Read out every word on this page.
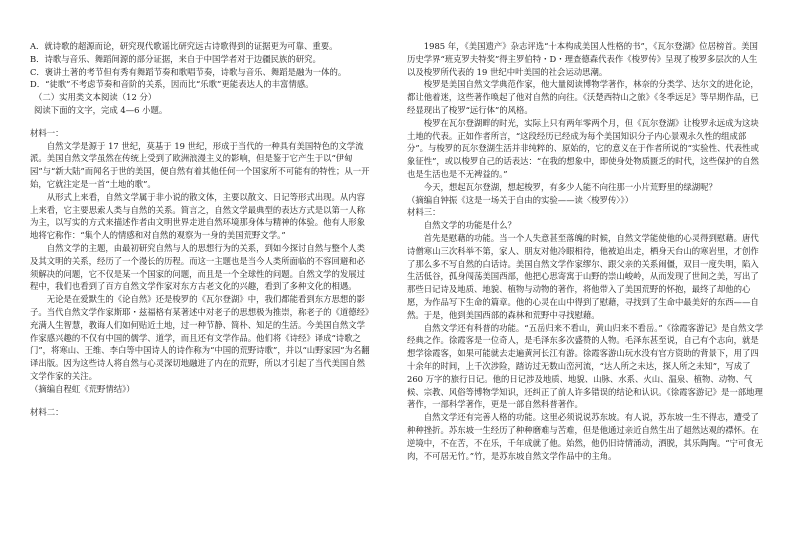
A．就诗歌的超源而论，研究现代歌谣比研究远古诗歌得到的证据更为可靠、重要。

B．诗歌与音乐、舞蹈间源的部分证据，来自于中国学者对于边疆民族的研究。

C．褒讲土著的考节但有秀有舞蹈节奏和歌唱节奏，诗歌与音乐、舞蹈是融为一体的。

D．“徒歌”不考虑节奏和音阶的关系，因而比“乐歌”更能表达人的丰富情感。

（二）实用类文本阅读（12 分）

阅读下面的文字，完成 4—6 小题。

材料一：

自然文学是源于 17 世纪，莫基于 19 世纪，形成于当代的一种具有美国特色的文学流派。美国自然文学虽然在传统上受到了欧洲浪漫主义的影响，但是鉴于它产生于以“伊甸园”与“新大陆”而闻名于世的美国，便自然有着其他任何一个国家所不可能有的特性；从一开始，它就注定是一首“土地的歌”。

从形式上来看，自然文学属于非小说的散文体，主要以散文、日记等形式出现。从内容上来看，它主要思索人类与自然的关系。简言之，自然文学最典型的表达方式是以第一人称为主，以写实的方式来描述作者由文明世界走进自然环境那身体与精神的体验。他有人形象地将它称作：“集个人的情感和对自然的观察为一身的美国荒野文学。”

自然文学的主题，由最初研究自然与人的思想行为的关系，到如今探讨自然与整个人类及其文明的关系，经历了一个漫长的历程。而这一主题也是当今人类所面临的不容回避和必须解决的问题，它不仅是某一个国家的问题，而且是一个全球性的问题。自然文学的发展过程中，我们也看到了百方自然文学作家对东方古老文化的兴趣，看到了多种文化的相遇。

无论是在爱默生的《论自然》还是梭罗的《瓦尔登湖》中，我们都能看到东方思想的影子。当代自然文学作家斯耶・兹福格有某著述中对老子的思想极为推崇，称老子的《道德经》充满人生智慧，教诲人们如何贴近土地，过一种节静、简朴、知足的生活。今美国自然文学作家感兴趣的不仅有中国的儒学、道学，而且还有文学作品。他们将《诗经》译成“诗歌之门”，将寒山、王维、李白等中国诗人的诗作称为“中国的荒野诗歌”，并以“山野家园”为名翻译出版。因为这些诗人将自然与心灵深切地融进了内在的荒野，所以才引起了当代美国自然文学作家的关注。

（摘编自程虹《荒野情结》）

材料二：

1985 年，《美国遗产》杂志评选“十本构成美国人性格的书”，《瓦尔登湖》位居榜首。美国历史学界“班克罗夫特奖”得主罗伯特・D・理查德森代表作《梭罗传》呈现了梭罗多层次的人生以及梭罗所代表的 19 世纪中叶美国的社会运动思潮。

梭罗是美国自然文学典范作家，他大量阅读博物学著作，林奈的分类学、达尔文的进化论，都让他着迷，这些著作唤起了他对自然的向往。《沃楚西特山之旅》《冬季远足》等早期作品，已经显现出了梭罗“远行体”的风格。

梭罗在瓦尔登湖畔的时光，实际上只有两年零两个月，但《瓦尔登湖》让梭罗永远成为这块土地的代表。正如作者所言，“这段经历已经成为每个美国知识分子内心景观永久性的组成部分”。与梭罗的瓦尔登湖生活并非纯粹的、原始的，它的意义在于作者所说的“实验性、代表性或象征性”，或以梭罗自己的话表达：“在我的想象中，即使身处物质匮乏的时代，这些保护的自然也是生活也是不无裨益的。”

今天，想起瓦尔登湖，想起梭罗，有多少人能不向往那一小片荒野里的绿湖呢？

（摘编自钟振《这是一场关于自由的实验——读〈梭罗传〉》）

材料三：

自然文学的功能是什么？

首先是慰藉的功能。当一个人失意甚至落魄的时候，自然文学能使他的心灵得到慰藉。唐代诗僧寒山三次科举不第，家人、朋友对他冷眼相待，他被迫出走，栖身天台山的寒岩里，才创作了那么多不写自然的白话诗。美国自然文学作家缪尔、跟父亲的关系闹僵，双目一度失明，陷入生活低谷，孤身闯荡美国西部，他把心思寄寓于山野的崇山峻岭，从而发现了世间之美，写出了那些日记诗及地质、地貌、植物与动物的著作，将他带入了美国荒野的怀抱，最终了却他的心愿，为作品写下生命的篇章。他的心灵在山中得到了慰藉，寻找到了生命中最美好的东西——自然。于是，他到美国西部的森林和荒野中寻找慰藉。

自然文学还有科普的功能。“五岳归来不看山，黄山归来不看岳。”《徐霞客游记》是自然文学经典之作。徐霞客是一位奇人，是毛泽东多次盛赞的人物。毛泽东甚至说，自己有个志向，就是想学徐霞客，如果可能就去走遍黄河长江有游。徐霞客游山玩水没有官方资助的背景下，用了四十余年的时间，上千次涉险，踏访过无数山峦河流，“达人所之未达，探人所之未知”，写成了 260 万字的旅行日记。他的日记涉及地质、地貌、山脉、水系、火山、温泉、植物、动物、气候、宗教、风俗等博物学知识，还纠正了前人许多错误的结论和认识。《徐霞客游记》是一部地理著作，一部科学著作，更是一部自然科普著作。

自然文学还有完善人格的功能。这里必须说说苏东坡。有人说，苏东坡一生不得志，遭受了种种挫折。苏东坡一生经历了种种磨难与苦难，但是他通过亲近自然生出了超然达观的襟怀。在逆境中，不在苦，不在乐，千年成就了他。始然，他仍旧诗情涌动，洒脱，其乐陶陶。“宁可食无肉，不可居无竹。”竹，是苏东坡自然文学作品中的主角。
